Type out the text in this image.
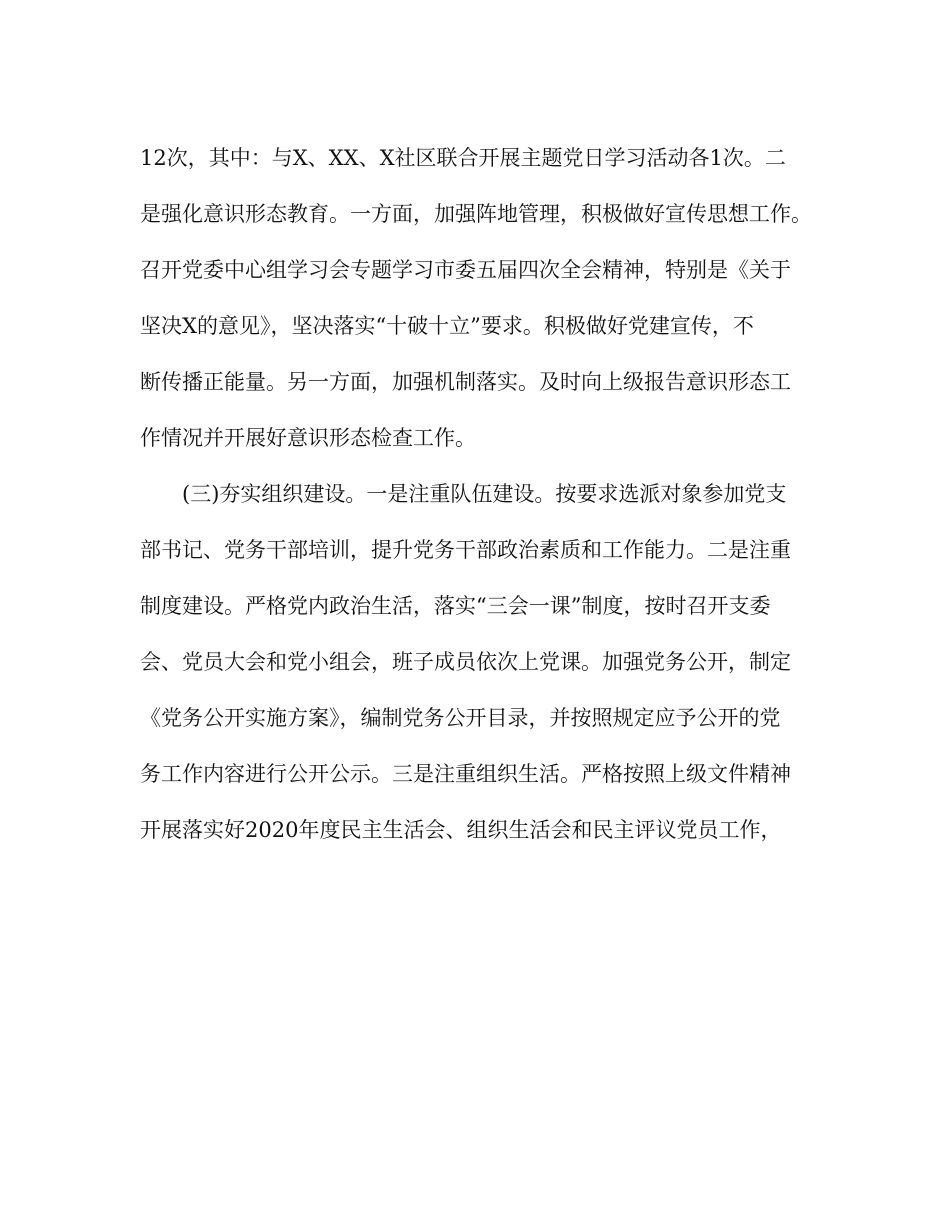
12次，其中：与X、XX、X社区联合开展主题党日学习活动各1次。二
是强化意识形态教育。一方面，加强阵地管理，积极做好宣传思想工作。
召开党委中心组学习会专题学习市委五届四次全会精神，特别是《关于
坚决X的意见》，坚决落实“十破十立”要求。积极做好党建宣传，不
断传播正能量。另一方面，加强机制落实。及时向上级报告意识形态工
作情况并开展好意识形态检查工作。
(三)夯实组织建设。一是注重队伍建设。按要求选派对象参加党支
部书记、党务干部培训，提升党务干部政治素质和工作能力。二是注重
制度建设。严格党内政治生活，落实“三会一课”制度，按时召开支委
会、党员大会和党小组会，班子成员依次上党课。加强党务公开，制定
《党务公开实施方案》，编制党务公开目录，并按照规定应予公开的党
务工作内容进行公开公示。三是注重组织生活。严格按照上级文件精神
开展落实好2020年度民主生活会、组织生活会和民主评议党员工作，
